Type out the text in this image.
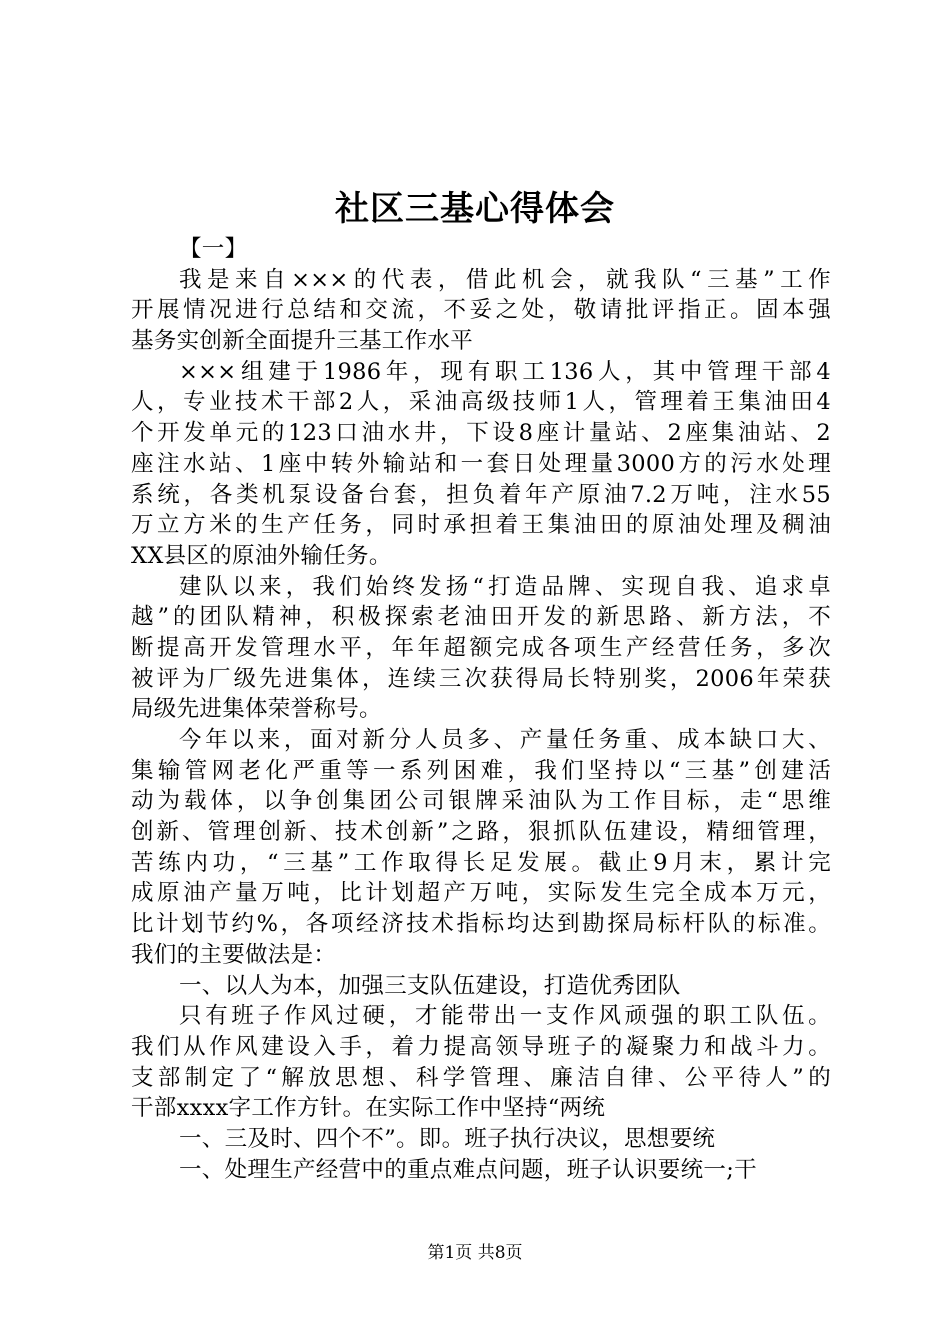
社区三基心得体会
【一】
我是来自×××的代表，借此机会，就我队“三基”工作
开展情况进行总结和交流，不妥之处，敬请批评指正。固本强
基务实创新全面提升三基工作水平
×××组建于1986年，现有职工136人，其中管理干部4
人，专业技术干部2人，采油高级技师1人，管理着王集油田4
个开发单元的123口油水井，下设8座计量站、2座集油站、2
座注水站、1座中转外输站和一套日处理量3000方的污水处理
系统，各类机泵设备台套，担负着年产原油7.2万吨，注水55
万立方米的生产任务，同时承担着王集油田的原油处理及稠油
XX县区的原油外输任务。
建队以来，我们始终发扬“打造品牌、实现自我、追求卓
越”的团队精神，积极探索老油田开发的新思路、新方法，不
断提高开发管理水平，年年超额完成各项生产经营任务，多次
被评为厂级先进集体，连续三次获得局长特别奖，2006年荣获
局级先进集体荣誉称号。
今年以来，面对新分人员多、产量任务重、成本缺口大、
集输管网老化严重等一系列困难，我们坚持以“三基”创建活
动为载体，以争创集团公司银牌采油队为工作目标，走“思维
创新、管理创新、技术创新”之路，狠抓队伍建设，精细管理，
苦练内功，“三基”工作取得长足发展。截止9月末，累计完
成原油产量万吨，比计划超产万吨，实际发生完全成本万元，
比计划节约%，各项经济技术指标均达到勘探局标杆队的标准。
我们的主要做法是：
一、以人为本，加强三支队伍建设，打造优秀团队
只有班子作风过硬，才能带出一支作风顽强的职工队伍。
我们从作风建设入手，着力提高领导班子的凝聚力和战斗力。
支部制定了“解放思想、科学管理、廉洁自律、公平待人”的
干部xxxx字工作方针。在实际工作中坚持“两统
一、三及时、四个不”。即。班子执行决议，思想要统
一、处理生产经营中的重点难点问题，班子认识要统一;干
第1页 共8页
